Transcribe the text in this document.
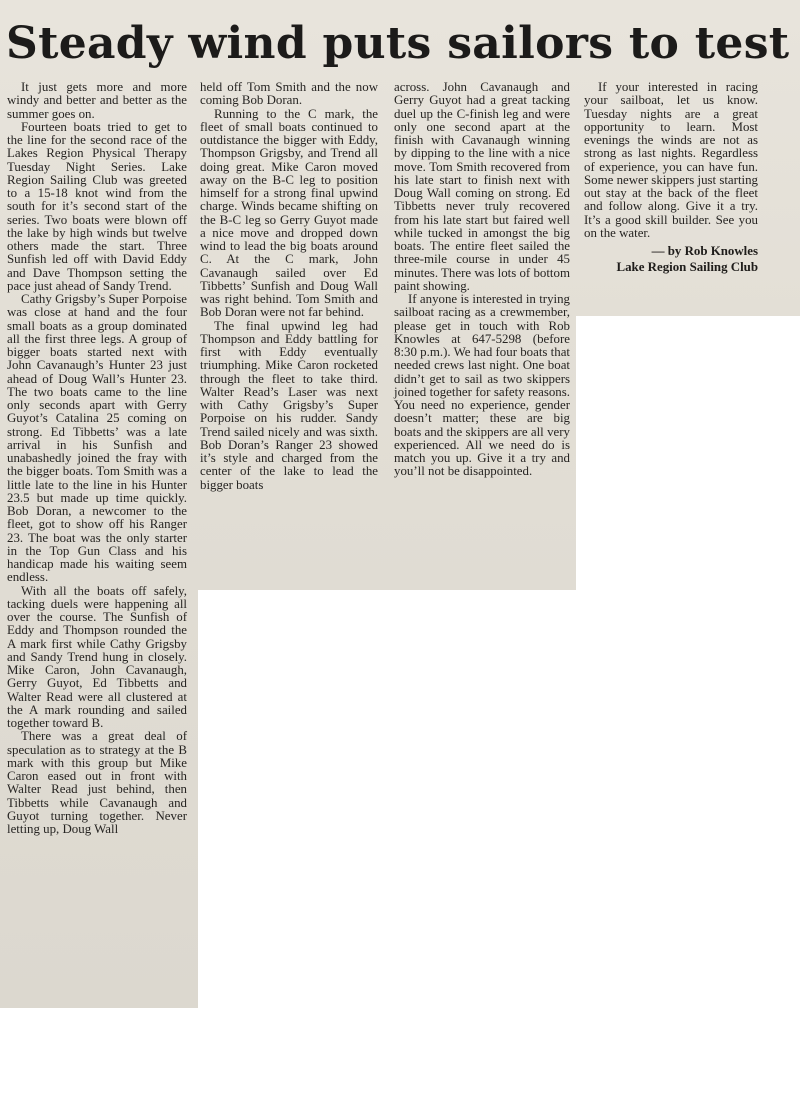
Steady wind puts sailors to test

It just gets more and more windy and better and better as the summer goes on.

Fourteen boats tried to get to the line for the second race of the Lakes Region Physical Therapy Tuesday Night Series. Lake Region Sailing Club was greeted to a 15-18 knot wind from the south for it’s second start of the series. Two boats were blown off the lake by high winds but twelve others made the start. Three Sunfish led off with David Eddy and Dave Thompson setting the pace just ahead of Sandy Trend.

Cathy Grigsby’s Super Porpoise was close at hand and the four small boats as a group dominated all the first three legs. A group of bigger boats started next with John Cavanaugh’s Hunter 23 just ahead of Doug Wall’s Hunter 23. The two boats came to the line only seconds apart with Gerry Guyot’s Catalina 25 coming on strong. Ed Tibbetts’ was a late arrival in his Sunfish and unabashedly joined the fray with the bigger boats. Tom Smith was a little late to the line in his Hunter 23.5 but made up time quickly. Bob Doran, a newcomer to the fleet, got to show off his Ranger 23. The boat was the only starter in the Top Gun Class and his handicap made his waiting seem endless.

With all the boats off safely, tacking duels were happening all over the course. The Sunfish of Eddy and Thompson rounded the A mark first while Cathy Grigsby and Sandy Trend hung in closely. Mike Caron, John Cavanaugh, Gerry Guyot, Ed Tibbetts and Walter Read were all clustered at the A mark rounding and sailed together toward B.

There was a great deal of speculation as to strategy at the B mark with this group but Mike Caron eased out in front with Walter Read just behind, then Tibbetts while Cavanaugh and Guyot turning together. Never letting up, Doug Wall

held off Tom Smith and the now coming Bob Doran.

Running to the C mark, the fleet of small boats continued to outdistance the bigger with Eddy, Thompson Grigsby, and Trend all doing great. Mike Caron moved away on the B-C leg to position himself for a strong final upwind charge. Winds became shifting on the B-C leg so Gerry Guyot made a nice move and dropped down wind to lead the big boats around C. At the C mark, John Cavanaugh sailed over Ed Tibbetts’ Sunfish and Doug Wall was right behind. Tom Smith and Bob Doran were not far behind.

The final upwind leg had Thompson and Eddy battling for first with Eddy eventually triumphing. Mike Caron rocketed through the fleet to take third. Walter Read’s Laser was next with Cathy Grigsby’s Super Porpoise on his rudder. Sandy Trend sailed nicely and was sixth. Bob Doran’s Ranger 23 showed it’s style and charged from the center of the lake to lead the bigger boats

across. John Cavanaugh and Gerry Guyot had a great tacking duel up the C-finish leg and were only one second apart at the finish with Cavanaugh winning by dipping to the line with a nice move. Tom Smith recovered from his late start to finish next with Doug Wall coming on strong. Ed Tibbetts never truly recovered from his late start but faired well while tucked in amongst the big boats. The entire fleet sailed the three-mile course in under 45 minutes. There was lots of bottom paint showing.

If anyone is interested in trying sailboat racing as a crewmember, please get in touch with Rob Knowles at 647-5298 (before 8:30 p.m.). We had four boats that needed crews last night. One boat didn’t get to sail as two skippers joined together for safety reasons. You need no experience, gender doesn’t matter; these are big boats and the skippers are all very experienced. All we need do is match you up. Give it a try and you’ll not be disappointed.

If your interested in racing your sailboat, let us know. Tuesday nights are a great opportunity to learn. Most evenings the winds are not as strong as last nights. Regardless of experience, you can have fun. Some newer skippers just starting out stay at the back of the fleet and follow along. Give it a try. It’s a good skill builder. See you on the water.

— by Rob Knowles
Lake Region Sailing Club
